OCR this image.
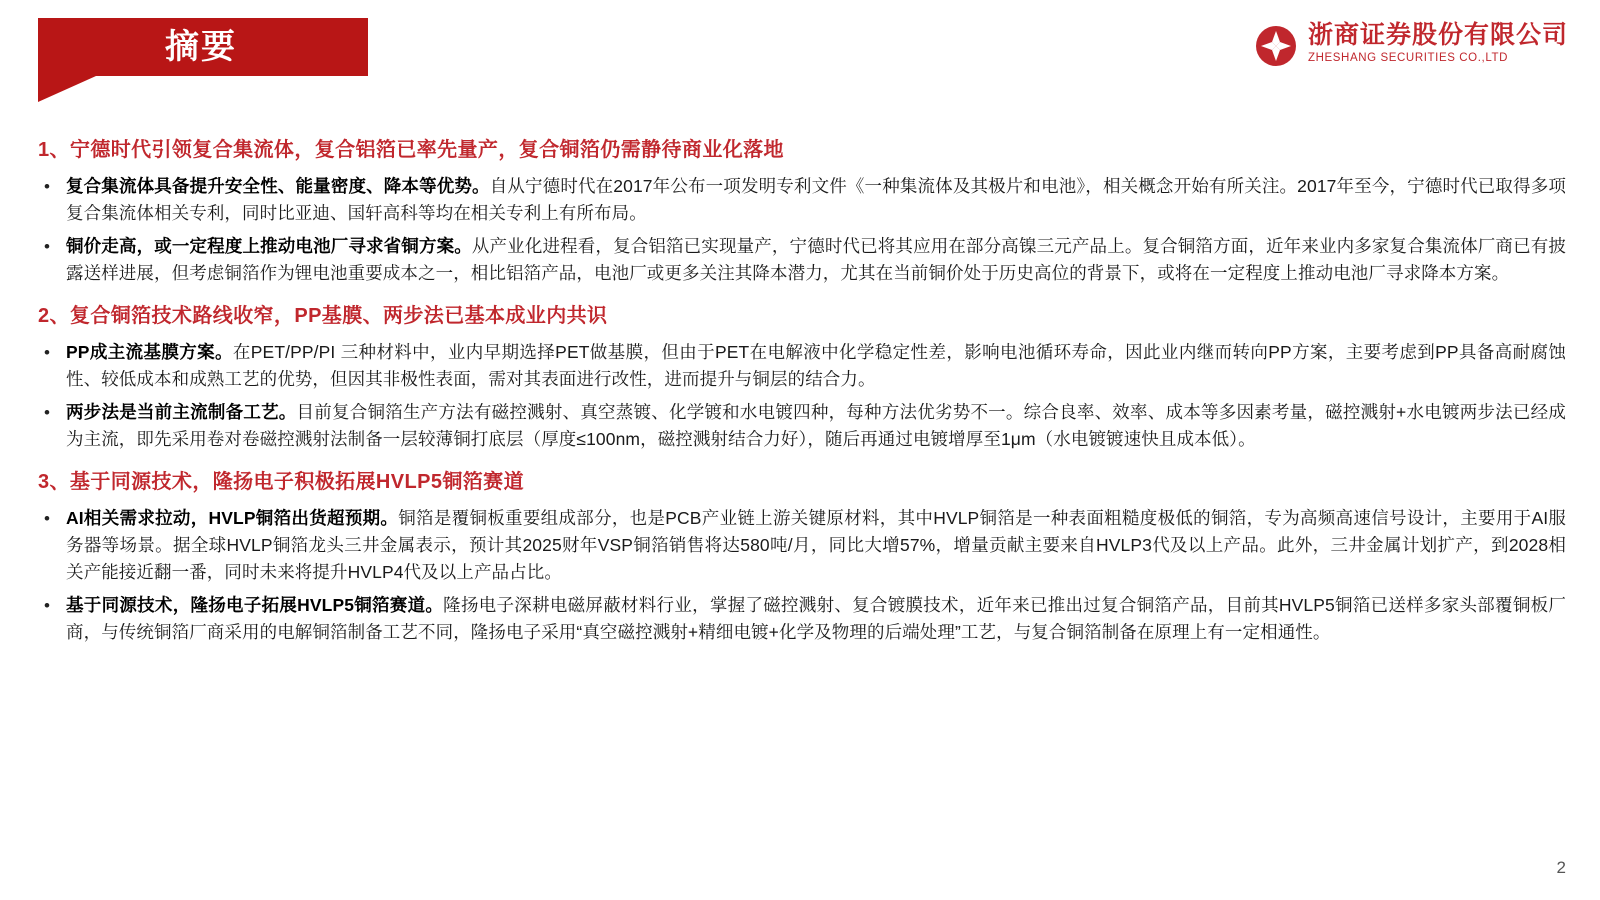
摘要	浙商证券股份有限公司
ZHESHANG SECURITIES CO.,LTD
1、宁德时代引领复合集流体，复合铝箔已率先量产，复合铜箔仍需静待商业化落地
• 复合集流体具备提升安全性、能量密度、降本等优势。自从宁德时代在2017年公布一项发明专利文件《一种集流体及其极片和电池》，相关概念开始有所关注。2017年至今，宁德时代已取得多项复合集流体相关专利，同时比亚迪、国轩高科等均在相关专利上有所布局。
• 铜价走高，或一定程度上推动电池厂寻求省铜方案。从产业化进程看，复合铝箔已实现量产，宁德时代已将其应用在部分高镍三元产品上。复合铜箔方面，近年来业内多家复合集流体厂商已有披露送样进展，但考虑铜箔作为锂电池重要成本之一，相比铝箔产品，电池厂或更多关注其降本潜力，尤其在当前铜价处于历史高位的背景下，或将在一定程度上推动电池厂寻求降本方案。
2、复合铜箔技术路线收窄，PP基膜、两步法已基本成业内共识
• PP成主流基膜方案。在PET/PP/PI 三种材料中，业内早期选择PET做基膜，但由于PET在电解液中化学稳定性差，影响电池循环寿命，因此业内继而转向PP方案，主要考虑到PP具备高耐腐蚀性、较低成本和成熟工艺的优势，但因其非极性表面，需对其表面进行改性，进而提升与铜层的结合力。
• 两步法是当前主流制备工艺。目前复合铜箔生产方法有磁控溅射、真空蒸镀、化学镀和水电镀四种，每种方法优劣势不一。综合良率、效率、成本等多因素考量，磁控溅射+水电镀两步法已经成为主流，即先采用卷对卷磁控溅射法制备一层较薄铜打底层（厚度≤100nm，磁控溅射结合力好），随后再通过电镀增厚至1μm（水电镀镀速快且成本低）。
3、基于同源技术，隆扬电子积极拓展HVLP5铜箔赛道
• AI相关需求拉动，HVLP铜箔出货超预期。铜箔是覆铜板重要组成部分，也是PCB产业链上游关键原材料，其中HVLP铜箔是一种表面粗糙度极低的铜箔，专为高频高速信号设计，主要用于AI服务器等场景。据全球HVLP铜箔龙头三井金属表示，预计其2025财年VSP铜箔销售将达580吨/月，同比大增57%，增量贡献主要来自HVLP3代及以上产品。此外，三井金属计划扩产，到2028相关产能接近翻一番，同时未来将提升HVLP4代及以上产品占比。
• 基于同源技术，隆扬电子拓展HVLP5铜箔赛道。隆扬电子深耕电磁屏蔽材料行业，掌握了磁控溅射、复合镀膜技术，近年来已推出过复合铜箔产品，目前其HVLP5铜箔已送样多家头部覆铜板厂商，与传统铜箔厂商采用的电解铜箔制备工艺不同，隆扬电子采用“真空磁控溅射+精细电镀+化学及物理的后端处理”工艺，与复合铜箔制备在原理上有一定相通性。
2
